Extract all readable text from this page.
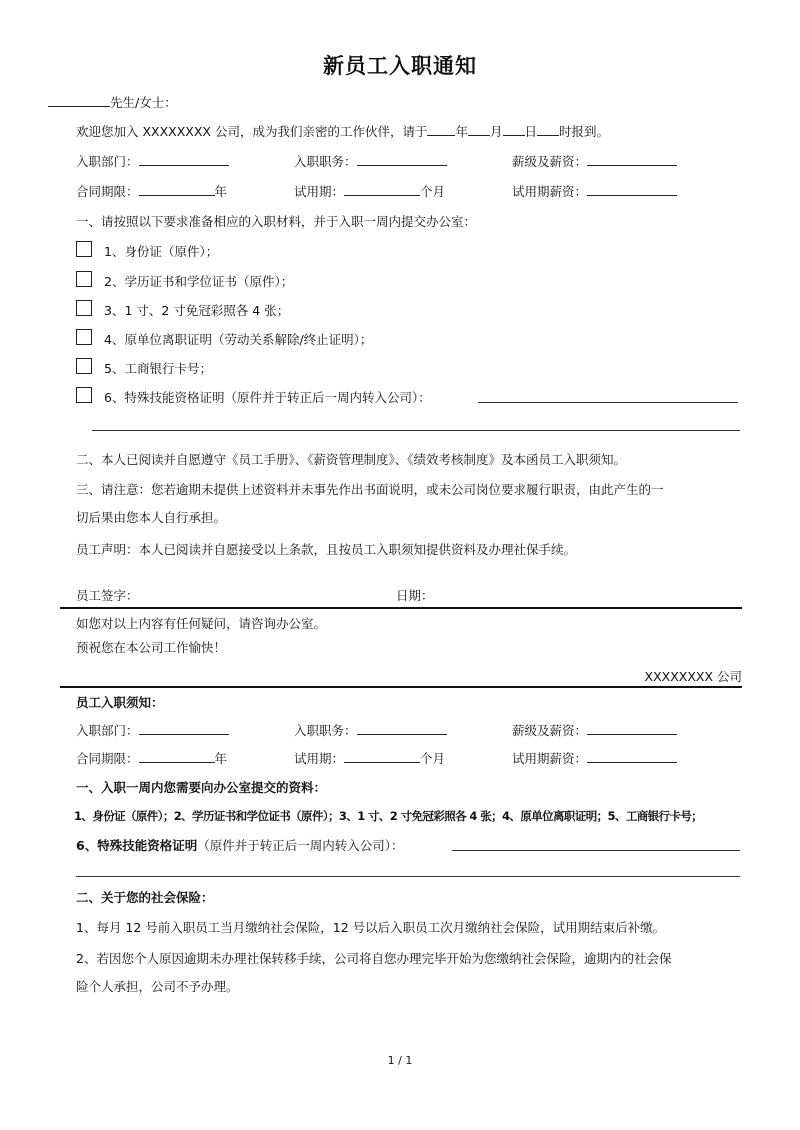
新员工入职通知
先生/女士：
欢迎您加入 XXXXXXXX 公司，成为我们亲密的工作伙伴，请于 年 月 日 时报到。
入职部门：	入职职务：	薪级及薪资：
合同期限：	年	试用期：	个月	试用期薪资：
一、请按照以下要求准备相应的入职材料，并于入职一周内提交办公室：
1、身份证（原件）；
2、学历证书和学位证书（原件）；
3、1 寸、2 寸免冠彩照各 4 张；
4、原单位离职证明（劳动关系解除/终止证明）；
5、工商银行卡号；
6、特殊技能资格证明（原件并于转正后一周内转入公司）：
二、本人已阅读并自愿遵守《员工手册》、《薪资管理制度》、《绩效考核制度》及本函员工入职须知。
三、请注意：您若逾期未提供上述资料并未事先作出书面说明，或未公司岗位要求履行职责，由此产生的一
切后果由您本人自行承担。
员工声明：本人已阅读并自愿接受以上条款，且按员工入职须知提供资料及办理社保手续。
员工签字：	日期：
如您对以上内容有任何疑问，请咨询办公室。
预祝您在本公司工作愉快！
XXXXXXXX 公司
员工入职须知：
入职部门：	入职职务：	薪级及薪资：
合同期限：	年	试用期：	个月	试用期薪资：
一、入职一周内您需要向办公室提交的资料：
1、身份证（原件）；2、学历证书和学位证书（原件）；3、1 寸、2 寸免冠彩照各 4 张；4、原单位离职证明；5、工商银行卡号；
6、特殊技能资格证明（原件并于转正后一周内转入公司）：
二、关于您的社会保险：
1、每月 12 号前入职员工当月缴纳社会保险，12 号以后入职员工次月缴纳社会保险，试用期结束后补缴。
2、若因您个人原因逾期未办理社保转移手续，公司将自您办理完毕开始为您缴纳社会保险，逾期内的社会保
险个人承担，公司不予办理。
1 / 1
